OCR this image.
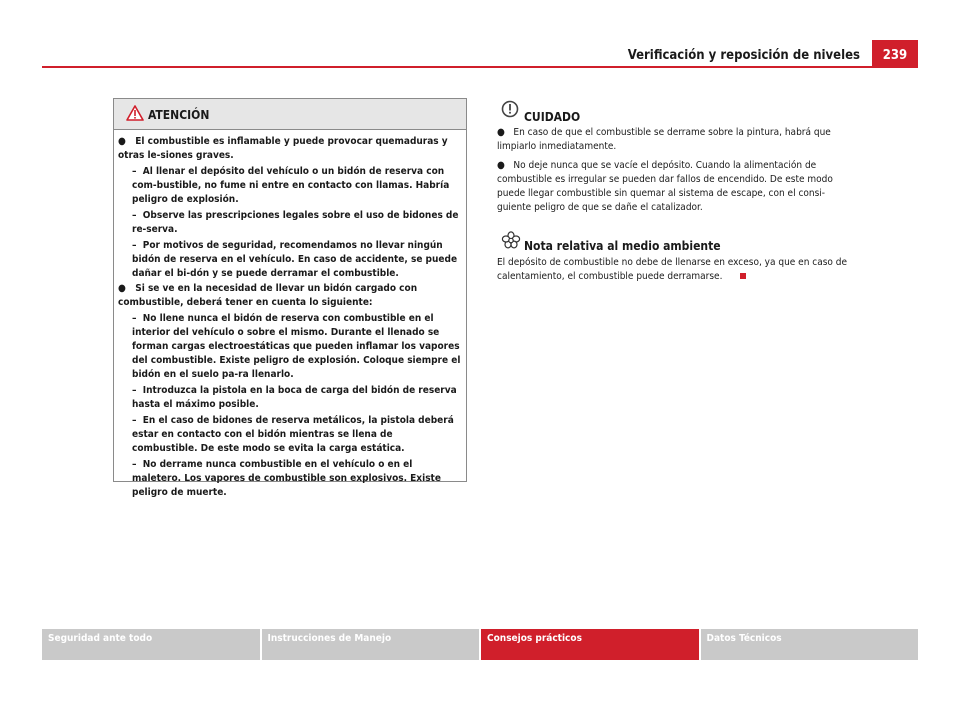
Verificación y reposición de niveles	239
ATENCIÓN

●   El combustible es inflamable y puede provocar quemaduras y otras le-siones graves.

–  Al llenar el depósito del vehículo o un bidón de reserva con com-bustible, no fume ni entre en contacto con llamas. Habría peligro de explosión.

–  Observe las prescripciones legales sobre el uso de bidones de re-serva.

–  Por motivos de seguridad, recomendamos no llevar ningún bidón de reserva en el vehículo. En caso de accidente, se puede dañar el bi-dón y se puede derramar el combustible.

●   Si se ve en la necesidad de llevar un bidón cargado con combustible, deberá tener en cuenta lo siguiente:

–  No llene nunca el bidón de reserva con combustible en el interior del vehículo o sobre el mismo. Durante el llenado se forman cargas electroestáticas que pueden inflamar los vapores del combustible. Existe peligro de explosión. Coloque siempre el bidón en el suelo pa-ra llenarlo.

–  Introduzca la pistola en la boca de carga del bidón de reserva hasta el máximo posible.

–  En el caso de bidones de reserva metálicos, la pistola deberá estar en contacto con el bidón mientras se llena de combustible. De este modo se evita la carga estática.

–  No derrame nunca combustible en el vehículo o en el maletero. Los vapores de combustible son explosivos. Existe peligro de muerte.

CUIDADO

●   En caso de que el combustible se derrame sobre la pintura, habrá que limpiarlo inmediatamente.

●   No deje nunca que se vacíe el depósito. Cuando la alimentación de combustible es irregular se pueden dar fallos de encendido. De este modo puede llegar combustible sin quemar al sistema de escape, con el consi-guiente peligro de que se dañe el catalizador.

Nota relativa al medio ambiente

El depósito de combustible no debe de llenarse en exceso, ya que en caso de calentamiento, el combustible puede derramarse.

Seguridad ante todo	Instrucciones de Manejo	Consejos prácticos	Datos Técnicos
